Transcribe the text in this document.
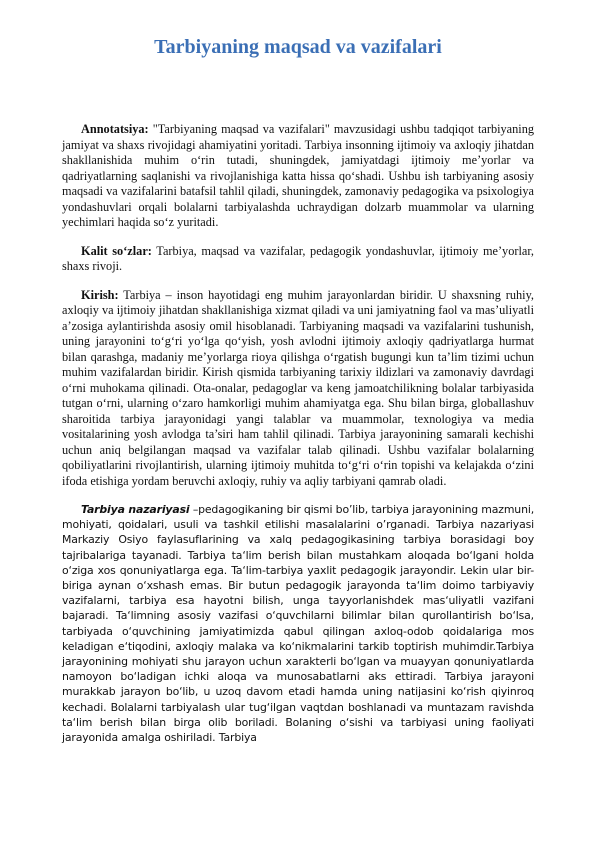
Tarbiyaning maqsad va vazifalari

Annotatsiya: "Tarbiyaning maqsad va vazifalari" mavzusidagi ushbu tadqiqot tarbiyaning jamiyat va shaxs rivojidagi ahamiyatini yoritadi. Tarbiya insonning ijtimoiy va axloqiy jihatdan shakllanishida muhim o‘rin tutadi, shuningdek, jamiyatdagi ijtimoiy me’yorlar va qadriyatlarning saqlanishi va rivojlanishiga katta hissa qo‘shadi. Ushbu ish tarbiyaning asosiy maqsadi va vazifalarini batafsil tahlil qiladi, shuningdek, zamonaviy pedagogika va psixologiya yondashuvlari orqali bolalarni tarbiyalashda uchraydigan dolzarb muammolar va ularning yechimlari haqida so‘z yuritadi.

Kalit so‘zlar: Tarbiya, maqsad va vazifalar, pedagogik yondashuvlar, ijtimoiy me’yorlar, shaxs rivoji.

Kirish: Tarbiya – inson hayotidagi eng muhim jarayonlardan biridir. U shaxsning ruhiy, axloqiy va ijtimoiy jihatdan shakllanishiga xizmat qiladi va uni jamiyatning faol va mas’uliyatli a’zosiga aylantirishda asosiy omil hisoblanadi. Tarbiyaning maqsadi va vazifalarini tushunish, uning jarayonini to‘g‘ri yo‘lga qo‘yish, yosh avlodni ijtimoiy axloqiy qadriyatlarga hurmat bilan qarashga, madaniy me’yorlarga rioya qilishga o‘rgatish bugungi kun ta’lim tizimi uchun muhim vazifalardan biridir. Kirish qismida tarbiyaning tarixiy ildizlari va zamonaviy davrdagi o‘rni muhokama qilinadi. Ota-onalar, pedagoglar va keng jamoatchilikning bolalar tarbiyasida tutgan o‘rni, ularning o‘zaro hamkorligi muhim ahamiyatga ega. Shu bilan birga, globallashuv sharoitida tarbiya jarayonidagi yangi talablar va muammolar, texnologiya va media vositalarining yosh avlodga ta’siri ham tahlil qilinadi. Tarbiya jarayonining samarali kechishi uchun aniq belgilangan maqsad va vazifalar talab qilinadi. Ushbu vazifalar bolalarning qobiliyatlarini rivojlantirish, ularning ijtimoiy muhitda to‘g‘ri o‘rin topishi va kelajakda o‘zini ifoda etishiga yordam beruvchi axloqiy, ruhiy va aqliy tarbiyani qamrab oladi.

Tarbiya nazariyasi –pedagogikaning bir qismi bo’lib, tarbiya jarayonining mazmuni, mohiyati, qoidalari, usuli va tashkil etilishi masalalarini o’rganadi. Tarbiya nazariyasi Markaziy Osiyo faylasuflarining va xalq pedagogikasining tarbiya borasidagi boy tajribalariga tayanadi. Tarbiya ta‘lim berish bilan mustahkam aloqada bo‘lgani holda o‘ziga xos qonuniyatlarga ega. Ta‘lim-tarbiya yaxlit pedagogik jarayondir. Lekin ular bir-biriga aynan o‘xshash emas. Bir butun pedagogik jarayonda ta‘lim doimo tarbiyaviy vazifalarni, tarbiya esa hayotni bilish, unga tayyorlanishdek mas‘uliyatli vazifani bajaradi. Ta‘limning asosiy vazifasi o‘quvchilarni bilimlar bilan qurollantirish bo‘lsa, tarbiyada o‘quvchining jamiyatimizda qabul qilingan axloq-odob qoidalariga mos keladigan e‘tiqodini, axloqiy malaka va ko‘nikmalarini tarkib toptirish muhimdir.Tarbiya jarayonining mohiyati shu jarayon uchun xarakterli bo‘lgan va muayyan qonuniyatlarda namoyon bo‘ladigan ichki aloqa va munosabatlarni aks ettiradi. Tarbiya jarayoni murakkab jarayon bo‘lib, u uzoq davom etadi hamda uning natijasini ko‘rish qiyinroq kechadi. Bolalarni tarbiyalash ular tug‘ilgan vaqtdan boshlanadi va muntazam ravishda ta‘lim berish bilan birga olib boriladi. Bolaning o‘sishi va tarbiyasi uning faoliyati jarayonida amalga oshiriladi. Tarbiya
